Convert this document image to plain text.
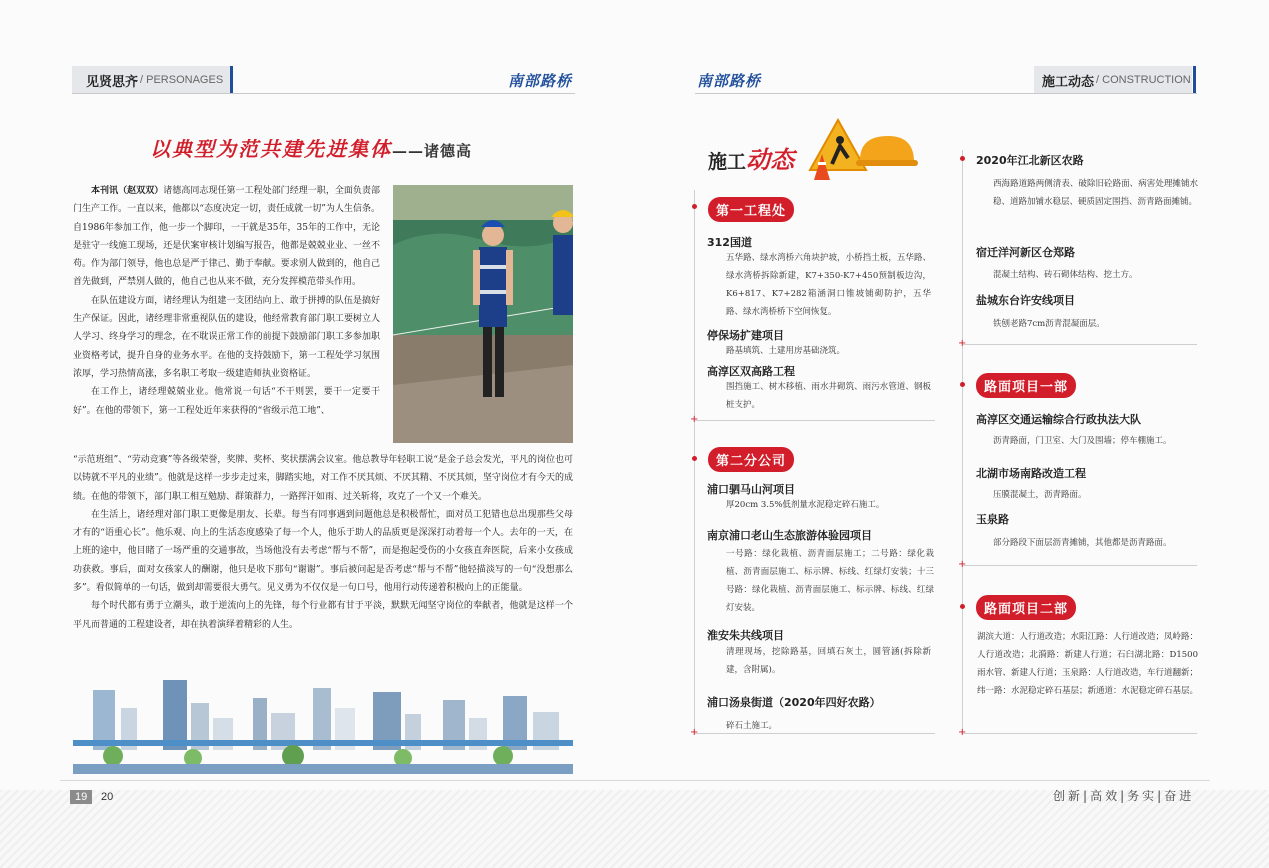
见贤思齐 / PERSONAGES	南部路桥	南部路桥	施工动态 / CONSTRUCTION
以典型为范共建先进集体——诸德高

本刊讯（赵双双）诸德高同志现任第一工程处部门经理一职，全面负责部门生产工作。一直以来，他都以“态度决定一切，责任成就一切”为人生信条。自1986年参加工作，他一步一个脚印，一干就是35年，35年的工作中，无论是驻守一线施工现场，还是伏案审核计划编写报告，他都是兢兢业业、一丝不苟。作为部门领导，他也总是严于律己、勤于奉献。要求别人做到的，他自己首先做到，严禁别人做的，他自己也从来不做，充分发挥模范带头作用。

在队伍建设方面，诸经理认为组建一支团结向上、敢于拼搏的队伍是搞好生产保证。因此，诸经理非常重视队伍的建设，他经常教育部门职工要树立人人学习、终身学习的理念，在不耽误正常工作的前提下鼓励部门职工多参加职业资格考试，提升自身的业务水平。在他的支持鼓励下，第一工程处学习氛围浓厚，学习热情高涨，多名职工考取一级建造师执业资格证。

在工作上，诸经理兢兢业业。他常说一句话“不干则罢，要干一定要干好”。在他的带领下，第一工程处近年来获得的“省级示范工地”、

“示范班组”、“劳动竞赛”等各级荣誉，奖牌、奖杯、奖状摆满会议室。他总教导年轻职工说“是金子总会发光，平凡的岗位也可以铸就不平凡的业绩”。他就是这样一步步走过来，脚踏实地，对工作不厌其烦、不厌其精、不厌其烦，坚守岗位才有今天的成绩。在他的带领下，部门职工相互勉励、群策群力，一路挥汗如雨、过关斩将，攻克了一个又一个难关。

在生活上，诸经理对部门职工更像是朋友、长辈。每当有同事遇到问题他总是积极帮忙，面对员工犯错也总出现那些父母才有的“语重心长”。他乐观、向上的生活态度感染了每一个人，他乐于助人的品质更是深深打动着每一个人。去年的一天，在上班的途中，他目睹了一场严重的交通事故，当场他没有去考虑“帮与不帮”，而是抱起受伤的小女孩直奔医院，后来小女孩成功获救。事后，面对女孩家人的酬谢，他只是收下那句“谢谢”。事后被问起是否考虑“帮与不帮”他轻描淡写的一句“没想那么多”。看似简单的一句话，做到却需要很大勇气。见义勇为不仅仅是一句口号，他用行动传递着积极向上的正能量。

每个时代都有勇于立潮头，敢于逆流向上的先锋，每个行业都有甘于平淡，默默无闻坚守岗位的奉献者，他就是这样一个平凡而普通的工程建设者，却在执着演绎着精彩的人生。

19	20	创新|高效|务实|奋进
施工动态
第一工程处
312国道
五华路、绿水湾桥六角块护坡，小桥挡土板，五华路、绿水湾桥拆除新建，K7+350-K7+450预制板边沟，K6+817、K7+282箱涵洞口锥坡铺砌防护，五华路、绿水湾桥桥下空间恢复。
停保场扩建项目
路基填筑、土建用房基础浇筑。
高淳区双高路工程
围挡施工、树木移植、雨水井砌筑、雨污水管道、钢板桩支护。
第二分公司
浦口驷马山河项目
厚20cm 3.5%低剂量水泥稳定碎石施工。
南京浦口老山生态旅游体验园项目
一号路：绿化栽植、沥青面层施工；二号路：绿化栽植、沥青面层施工、标示牌、标线、红绿灯安装；十三号路：绿化栽植、沥青面层施工、标示牌、标线、红绿灯安装。
淮安朱共线项目
清理现场，挖除路基，回填石灰土，圆管涵(拆除新建，含附属)。
浦口汤泉街道（2020年四好农路）
碎石土施工。
2020年江北新区农路
西海路道路两侧清表、破除旧砼路面、病害处理摊铺水稳、道路加铺水稳层、硬质固定围挡、沥青路面摊铺。
宿迁洋河新区仓郑路
混凝土结构、砖石砌体结构、挖土方。
盐城东台许安线项目
铁刨老路7cm沥青混凝面层。
路面项目一部
高淳区交通运输综合行政执法大队
沥青路面，门卫室、大门及围墙；停车棚施工。
北湖市场南路改造工程
压膜混凝土，沥青路面。
玉泉路
部分路段下面层沥青摊铺，其他都是沥青路面。
路面项目二部
湖滨大道：人行道改造；水阳江路：人行道改造；凤岭路：人行道改造；北漪路：新建人行道；石臼湖北路：D1500雨水管、新建人行道；玉泉路：人行道改造，车行道翻新；纬一路：水泥稳定碎石基层；新通道：水泥稳定碎石基层。
+
+
+
+
+
